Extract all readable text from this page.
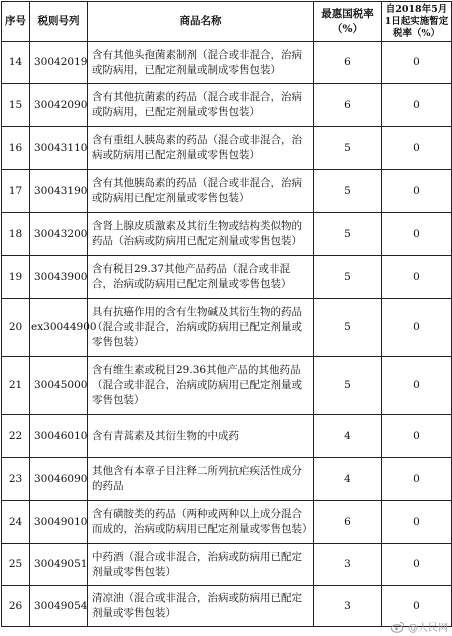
序号	税则号列	商品名称	最惠国税率（%）	自2018年5月1日起实施暂定税率（%）
14	30042019	含有其他头孢菌素制剂（混合或非混合，治病或防病用，已配定剂量或制成零售包装）	6	0
15	30042090	含有其他抗菌素的药品（混合或非混合，治病或防病用，已配定剂量或零售包装）	6	0
16	30043110	含有重组人胰岛素的药品（混合或非混合，治病或防病用已配定剂量或零售包装）	5	0
17	30043190	含有其他胰岛素的药品（混合或非混合，治病或防病用已配定剂量或零售包装）	5	0
18	30043200	含肾上腺皮质激素及其衍生物或结构类似物的药品（治病或防病用已配定剂量或零售包装）	5	0
19	30043900	含有税目29.37其他产品药品（混合或非混合，治病或防病用已配定剂量或零售包装）	5	0
20	ex30044900	具有抗癌作用的含有生物碱及其衍生物的药品（混合或非混合，治病或防病用已配定剂量或零售包装）	5	0
21	30045000	含有维生素或税目29.36其他产品的其他药品（混合或非混合，治病或防病用已配定剂量或零售包装）	5	0
22	30046010	含有青蒿素及其衍生物的中成药	4	0
23	30046090	其他含有本章子目注释二所列抗疟疾活性成分的药品	4	0
24	30049010	含有磺胺类的药品（两种或两种以上成分混合而成的，治病或防病用已配定剂量或零售包装）	6	0
25	30049051	中药酒（混合或非混合，治病或防病用已配定剂量或零售包装）	3	0
26	30049054	清凉油（混合或非混合，治病或防病用已配定剂量或零售包装）	3	0
@人民网
